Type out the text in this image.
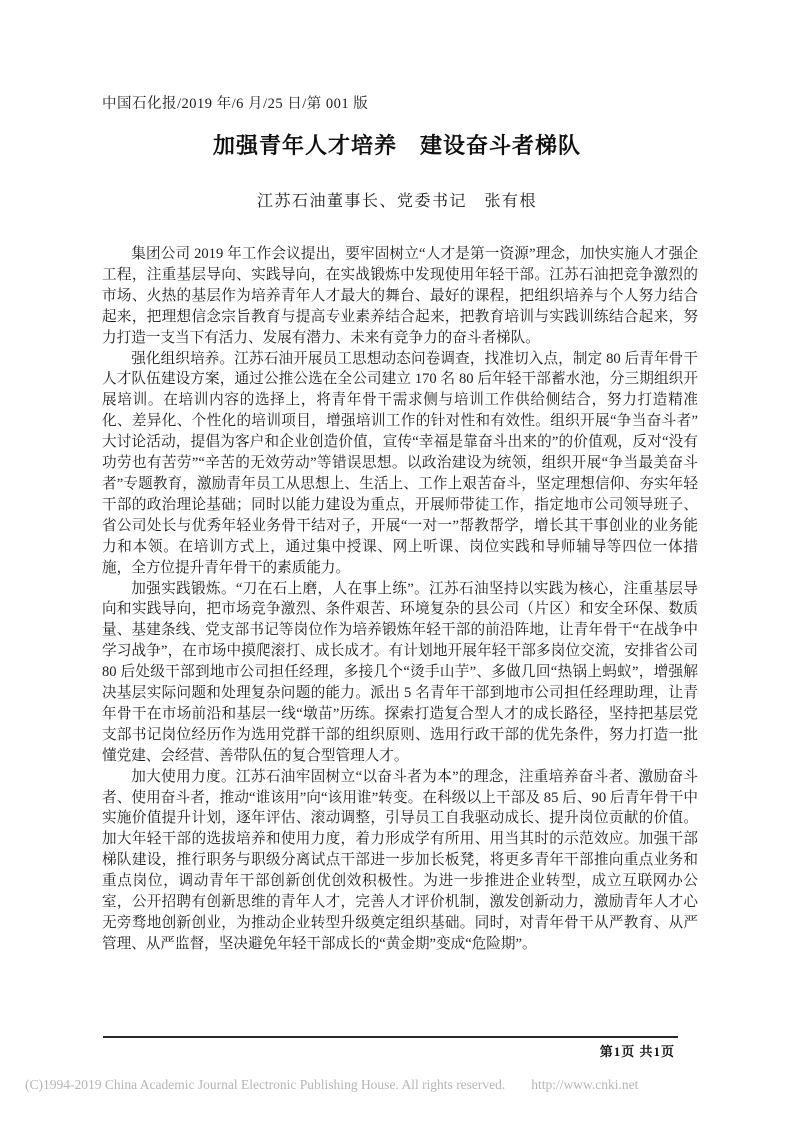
中国石化报/2019 年/6 月/25 日/第 001 版
加强青年人才培养　建设奋斗者梯队
江苏石油董事长、党委书记　张有根

集团公司 2019 年工作会议提出，要牢固树立“人才是第一资源”理念，加快实施人才强企工程，注重基层导向、实践导向，在实战锻炼中发现使用年轻干部。江苏石油把竞争激烈的市场、火热的基层作为培养青年人才最大的舞台、最好的课程，把组织培养与个人努力结合起来，把理想信念宗旨教育与提高专业素养结合起来，把教育培训与实践训练结合起来，努力打造一支当下有活力、发展有潜力、未来有竞争力的奋斗者梯队。

强化组织培养。江苏石油开展员工思想动态问卷调查，找准切入点，制定 80 后青年骨干人才队伍建设方案，通过公推公选在全公司建立 170 名 80 后年轻干部蓄水池，分三期组织开展培训。在培训内容的选择上，将青年骨干需求侧与培训工作供给侧结合，努力打造精准化、差异化、个性化的培训项目，增强培训工作的针对性和有效性。组织开展“争当奋斗者”大讨论活动，提倡为客户和企业创造价值，宣传“幸福是靠奋斗出来的”的价值观，反对“没有功劳也有苦劳”“辛苦的无效劳动”等错误思想。以政治建设为统领，组织开展“争当最美奋斗者”专题教育，激励青年员工从思想上、生活上、工作上艰苦奋斗，坚定理想信仰、夯实年轻干部的政治理论基础；同时以能力建设为重点，开展师带徒工作，指定地市公司领导班子、省公司处长与优秀年轻业务骨干结对子，开展“一对一”帮教帮学，增长其干事创业的业务能力和本领。在培训方式上，通过集中授课、网上听课、岗位实践和导师辅导等四位一体措施，全方位提升青年骨干的素质能力。

加强实践锻炼。“刀在石上磨，人在事上练”。江苏石油坚持以实践为核心，注重基层导向和实践导向，把市场竞争激烈、条件艰苦、环境复杂的县公司（片区）和安全环保、数质量、基建条线、党支部书记等岗位作为培养锻炼年轻干部的前沿阵地，让青年骨干“在战争中学习战争”，在市场中摸爬滚打、成长成才。有计划地开展年轻干部多岗位交流，安排省公司 80 后处级干部到地市公司担任经理，多接几个“烫手山芋”、多做几回“热锅上蚂蚁”，增强解决基层实际问题和处理复杂问题的能力。派出 5 名青年干部到地市公司担任经理助理，让青年骨干在市场前沿和基层一线“墩苗”历练。探索打造复合型人才的成长路径，坚持把基层党支部书记岗位经历作为选用党群干部的组织原则、选用行政干部的优先条件，努力打造一批懂党建、会经营、善带队伍的复合型管理人才。

加大使用力度。江苏石油牢固树立“以奋斗者为本”的理念，注重培养奋斗者、激励奋斗者、使用奋斗者，推动“谁该用”向“该用谁”转变。在科级以上干部及 85 后、90 后青年骨干中实施价值提升计划，逐年评估、滚动调整，引导员工自我驱动成长、提升岗位贡献的价值。加大年轻干部的选拔培养和使用力度，着力形成学有所用、用当其时的示范效应。加强干部梯队建设，推行职务与职级分离试点干部进一步加长板凳，将更多青年干部推向重点业务和重点岗位，调动青年干部创新创优创效积极性。为进一步推进企业转型，成立互联网办公室，公开招聘有创新思维的青年人才，完善人才评价机制，激发创新动力，激励青年人才心无旁骛地创新创业，为推动企业转型升级奠定组织基础。同时，对青年骨干从严教育、从严管理、从严监督，坚决避免年轻干部成长的“黄金期”变成“危险期”。

第1页 共1页
(C)1994-2019 China Academic Journal Electronic Publishing House. All rights reserved. http://www.cnki.net
